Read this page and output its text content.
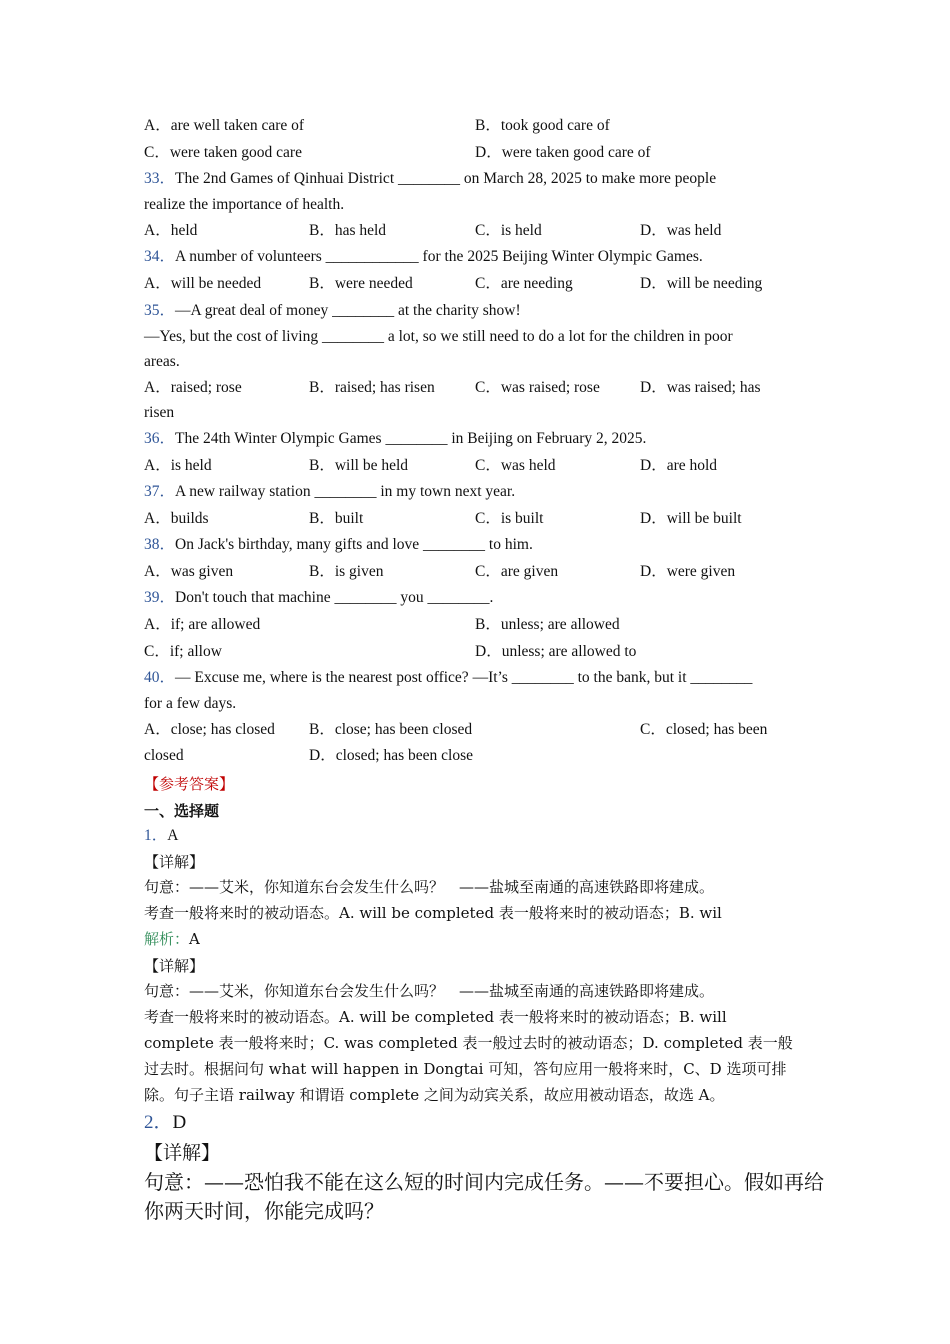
A．are well taken care of	B．took good care of
C．were taken good care	D．were taken good care of
33．The 2nd Games of Qinhuai District ________ on March 28, 2025 to make more people
realize the importance of health.
A．held	B．has held	C．is held	D．was held
34．A number of volunteers ____________ for the 2025 Beijing Winter Olympic Games.
A．will be needed	B．were needed	C．are needing	D．will be needing
35．—A great deal of money ________ at the charity show!
—Yes, but the cost of living ________ a lot, so we still need to do a lot for the children in poor
areas.
A．raised; rose	B．raised; has risen	C．was raised; rose	D．was raised; has
risen
36．The 24th Winter Olympic Games ________ in Beijing on February 2, 2025.
A．is held	B．will be held	C．was held	D．are hold
37．A new railway station ________ in my town next year.
A．builds	B．built	C．is built	D．will be built
38．On Jack's birthday, many gifts and love ________ to him.
A．was given	B．is given	C．are given	D．were given
39．Don't touch that machine ________ you ________.
A．if; are allowed	B．unless; are allowed
C．if; allow	D．unless; are allowed to
40．— Excuse me, where is the nearest post office? —It’s ________ to the bank, but it ________
for a few days.
A．close; has closed B．close; has been closed	C．closed; has been
closed	D．closed; has been close
【参考答案】
一、选择题
1．A
【详解】
句意：——艾米，你知道东台会发生什么吗？　——盐城至南通的高速铁路即将建成。
考查一般将来时的被动语态。A. will be completed 表一般将来时的被动语态；B. wil
解析：A
【详解】
句意：——艾米，你知道东台会发生什么吗？　——盐城至南通的高速铁路即将建成。
考查一般将来时的被动语态。A. will be completed 表一般将来时的被动语态；B. will
complete 表一般将来时；C. was completed 表一般过去时的被动语态；D. completed 表一般
过去时。根据问句 what will happen in Dongtai 可知，答句应用一般将来时，C、D 选项可排
除。句子主语 railway 和谓语 complete 之间为动宾关系，故应用被动语态，故选 A。
2．D
【详解】
句意：——恐怕我不能在这么短的时间内完成任务。——不要担心。假如再给
你两天时间，你能完成吗？
